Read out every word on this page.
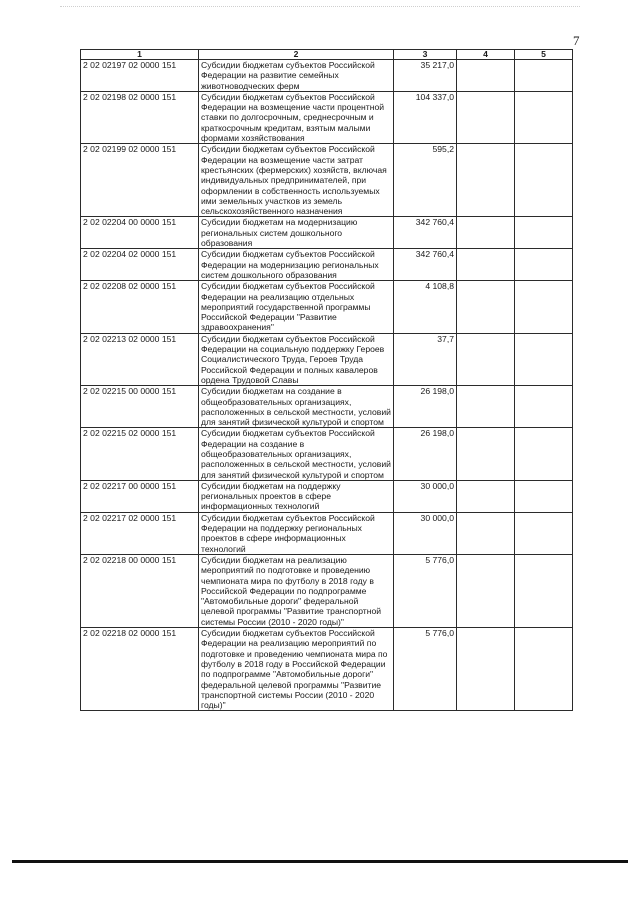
7
1	2	3	4	5
2 02 02197 02 0000 151	Субсидии бюджетам субъектов Российской Федерации на развитие семейных животноводческих ферм	35 217,0		
2 02 02198 02 0000 151	Субсидии бюджетам субъектов Российской Федерации на возмещение части процентной ставки по долгосрочным, среднесрочным и краткосрочным кредитам, взятым малыми формами хозяйствования	104 337,0		
2 02 02199 02 0000 151	Субсидии бюджетам субъектов Российской Федерации на возмещение части затрат крестьянских (фермерских) хозяйств, включая индивидуальных предпринимателей, при оформлении в собственность используемых ими земельных участков из земель сельскохозяйственного назначения	595,2		
2 02 02204 00 0000 151	Субсидии бюджетам на модернизацию региональных систем дошкольного образования	342 760,4		
2 02 02204 02 0000 151	Субсидии бюджетам субъектов Российской Федерации на модернизацию региональных систем дошкольного образования	342 760,4		
2 02 02208 02 0000 151	Субсидии бюджетам субъектов Российской Федерации на реализацию отдельных мероприятий государственной программы Российской Федерации "Развитие здравоохранения"	4 108,8		
2 02 02213 02 0000 151	Субсидии бюджетам субъектов Российской Федерации на социальную поддержку Героев Социалистического Труда, Героев Труда Российской Федерации и полных кавалеров ордена Трудовой Славы	37,7		
2 02 02215 00 0000 151	Субсидии бюджетам на создание в общеобразовательных организациях, расположенных в сельской местности, условий для занятий физической культурой и спортом	26 198,0		
2 02 02215 02 0000 151	Субсидии бюджетам субъектов Российской Федерации на создание в общеобразовательных организациях, расположенных в сельской местности, условий для занятий физической культурой и спортом	26 198,0		
2 02 02217 00 0000 151	Субсидии бюджетам на поддержку региональных проектов в сфере информационных технологий	30 000,0		
2 02 02217 02 0000 151	Субсидии бюджетам субъектов Российской Федерации на поддержку региональных проектов в сфере информационных технологий	30 000,0		
2 02 02218 00 0000 151	Субсидии бюджетам на реализацию мероприятий по подготовке и проведению чемпионата мира по футболу в 2018 году в Российской Федерации по подпрограмме "Автомобильные дороги" федеральной целевой программы "Развитие транспортной системы России (2010 - 2020 годы)"	5 776,0		
2 02 02218 02 0000 151	Субсидии бюджетам субъектов Российской Федерации на реализацию мероприятий по подготовке и проведению чемпионата мира по футболу в 2018 году в Российской Федерации по подпрограмме "Автомобильные дороги" федеральной целевой программы "Развитие транспортной системы России (2010 - 2020 годы)"	5 776,0		
